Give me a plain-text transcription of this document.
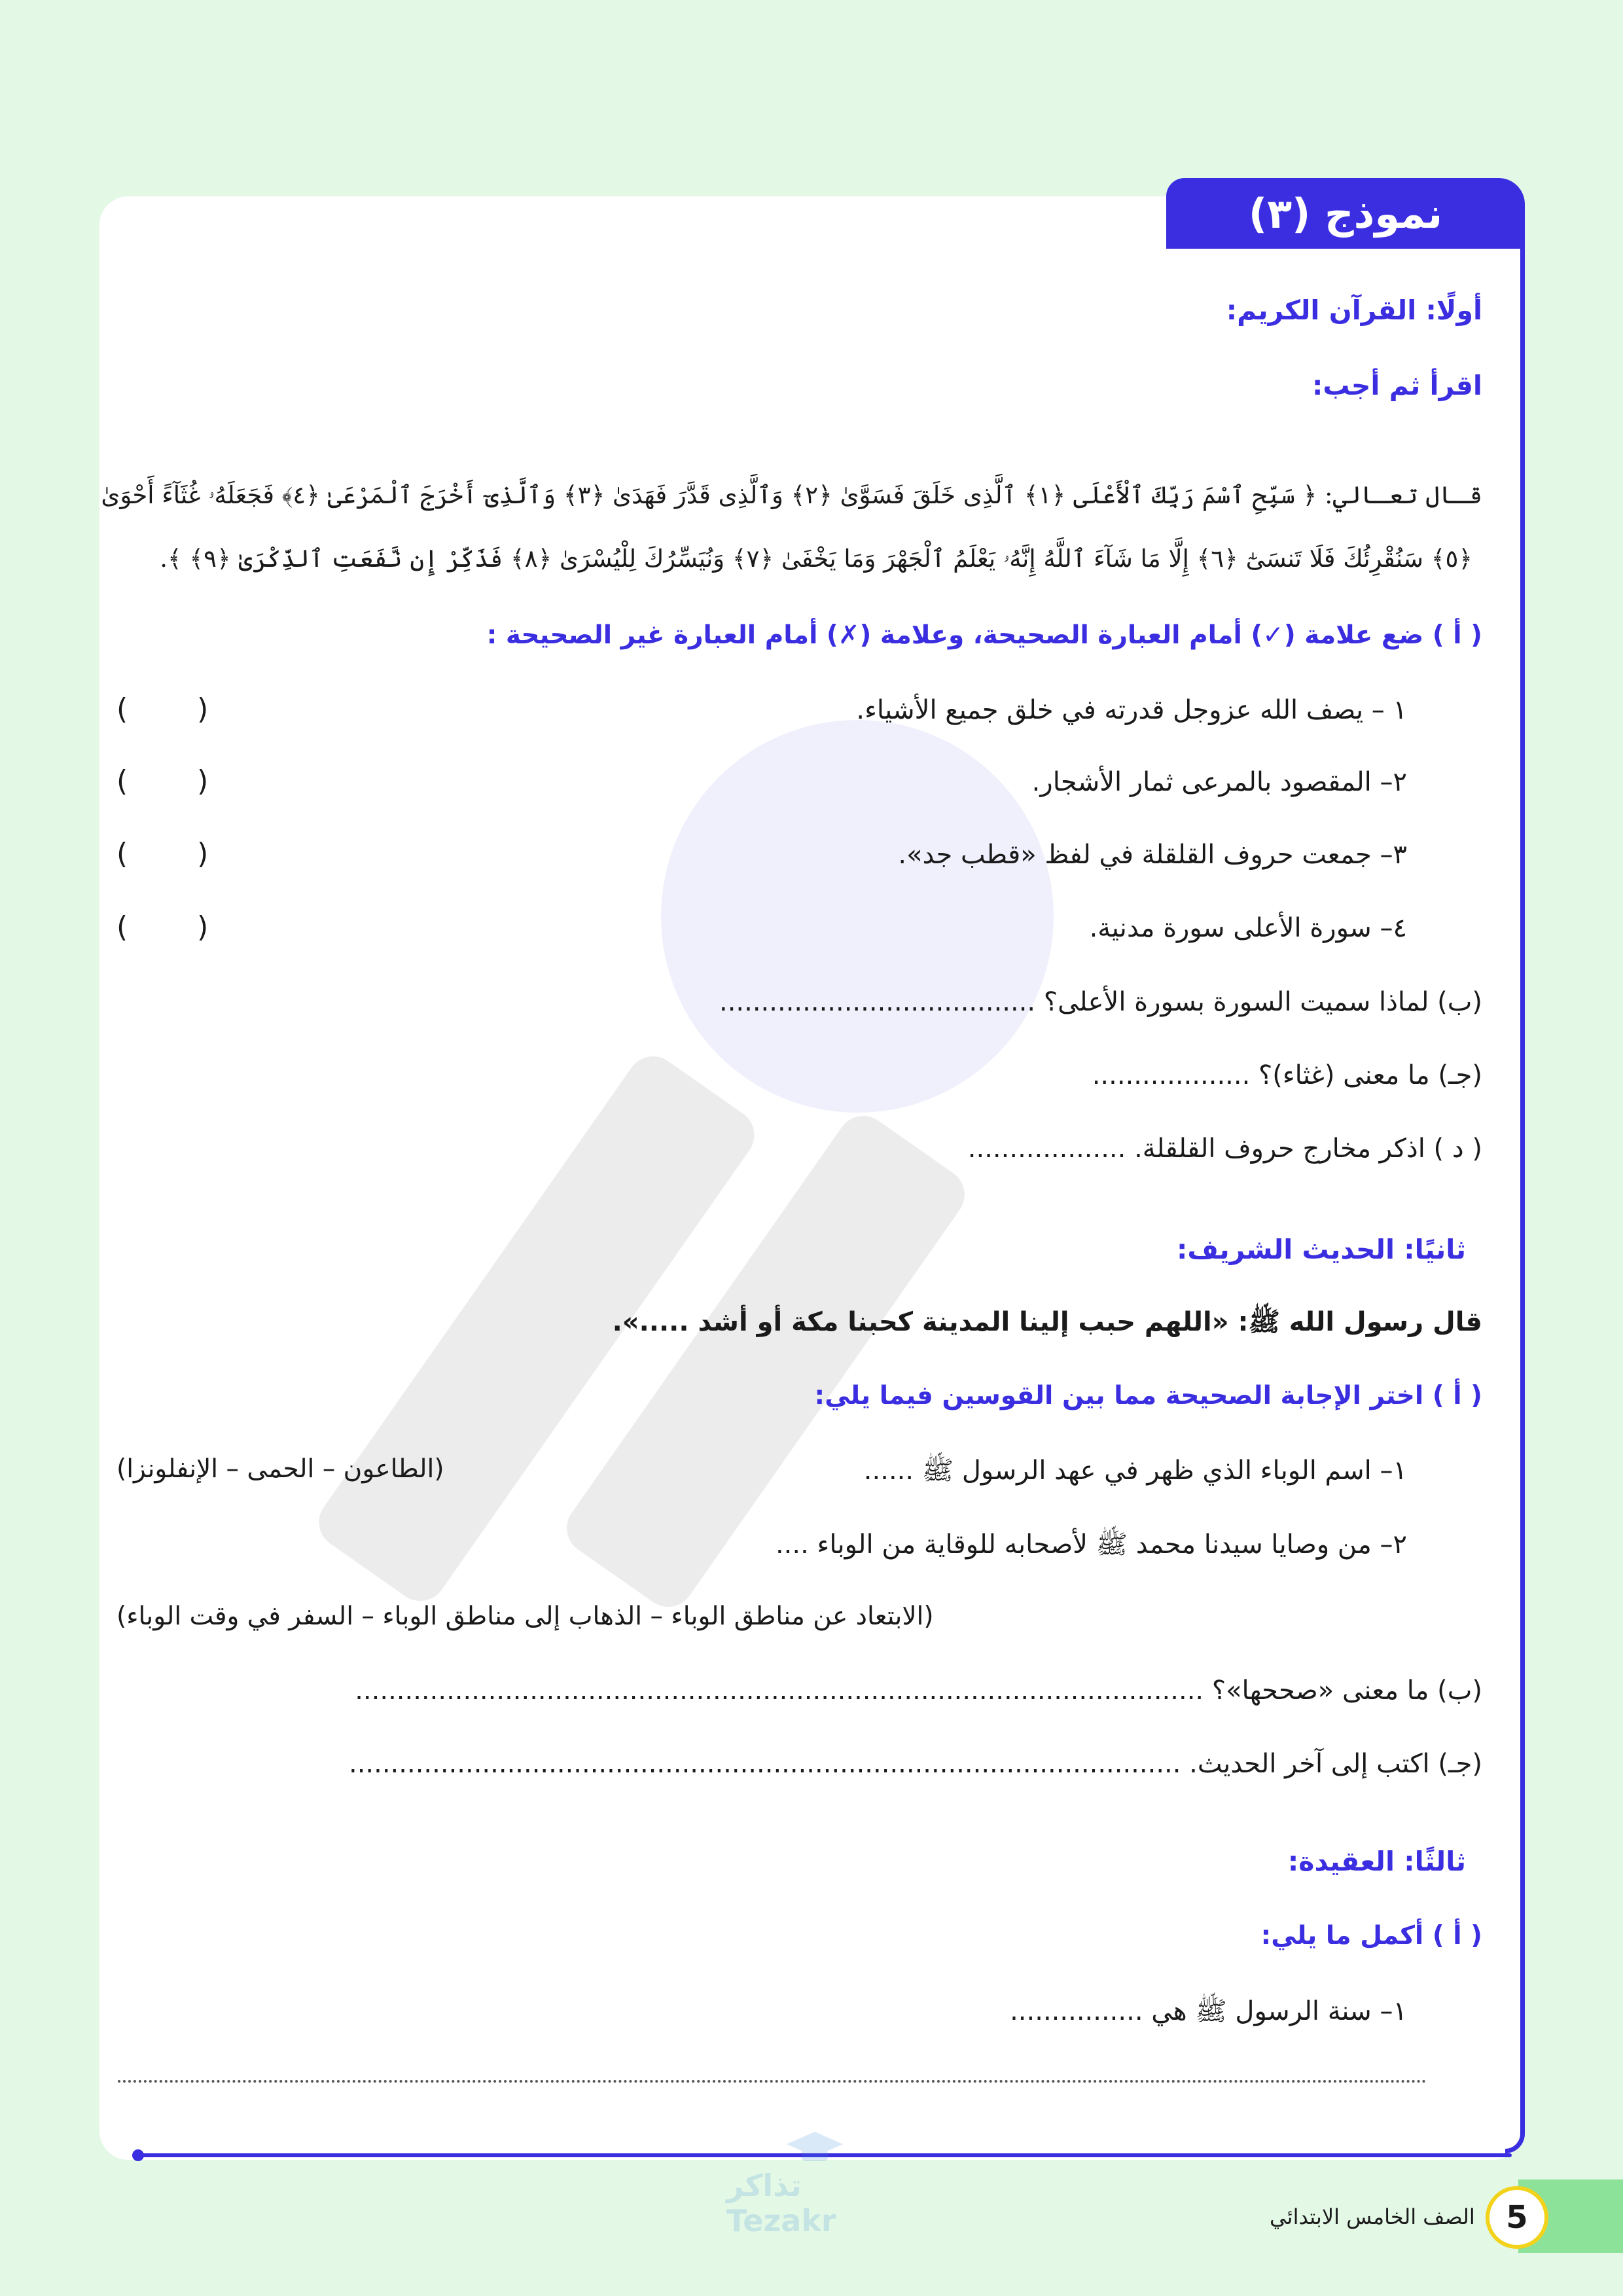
نموذج (٣)
أولًا: القرآن الكريم:
اقرأ ثم أجب:
قـال تعـالي: ﴿ سَبِّحِ ٱسْمَ رَبِّكَ ٱلْأَعْلَى ﴿١﴾ ٱلَّذِى خَلَقَ فَسَوَّىٰ ﴿٢﴾ وَٱلَّذِى قَدَّرَ فَهَدَىٰ ﴿٣﴾ وَٱلَّذِىٓ أَخْرَجَ ٱلْمَرْعَىٰ ﴿٤﴾ فَجَعَلَهُۥ غُثَآءً أَحْوَىٰ
﴿٥﴾ سَنُقْرِئُكَ فَلَا تَنسَىٰٓ ﴿٦﴾ إِلَّا مَا شَآءَ ٱللَّهُ إِنَّهُۥ يَعْلَمُ ٱلْجَهْرَ وَمَا يَخْفَىٰ ﴿٧﴾ وَنُيَسِّرُكَ لِلْيُسْرَىٰ ﴿٨﴾ فَذَكِّرْ إِن نَّفَعَتِ ٱلذِّكْرَىٰ ﴿٩﴾ ﴾.
( أ ) ضع علامة (✓) أمام العبارة الصحيحة، وعلامة (✗) أمام العبارة غير الصحيحة :
١ – يصف الله عزوجل قدرته في خلق جميع الأشياء.
( )
٢– المقصود بالمرعى ثمار الأشجار.
( )
٣– جمعت حروف القلقلة في لفظ «قطب جد».
( )
٤– سورة الأعلى سورة مدنية.
( )
(ب) لماذا سميت السورة بسورة الأعلى؟ ......................................
(جـ) ما معنى (غثاء)؟ ...................
( د ) اذكر مخارج حروف القلقلة. ...................
ثانيًا: الحديث الشريف:
قال رسول الله ﷺ: «اللهم حبب إلينا المدينة كحبنا مكة أو أشد .....».
( أ ) اختر الإجابة الصحيحة مما بين القوسين فيما يلي:
١– اسم الوباء الذي ظهر في عهد الرسول ﷺ ......
(الطاعون – الحمى – الإنفلونزا)
٢– من وصايا سيدنا محمد ﷺ لأصحابه للوقاية من الوباء ....
(الابتعاد عن مناطق الوباء – الذهاب إلى مناطق الوباء – السفر في وقت الوباء)
(ب) ما معنى «صححها»؟ ......................................................................................................
(جـ) اكتب إلى آخر الحديث. ....................................................................................................
ثالثًا: العقيدة:
( أ ) أكمل ما يلي:
١– سنة الرسول ﷺ هي ................
تذاكر Tezakr	5
الصف الخامس الابتدائي
